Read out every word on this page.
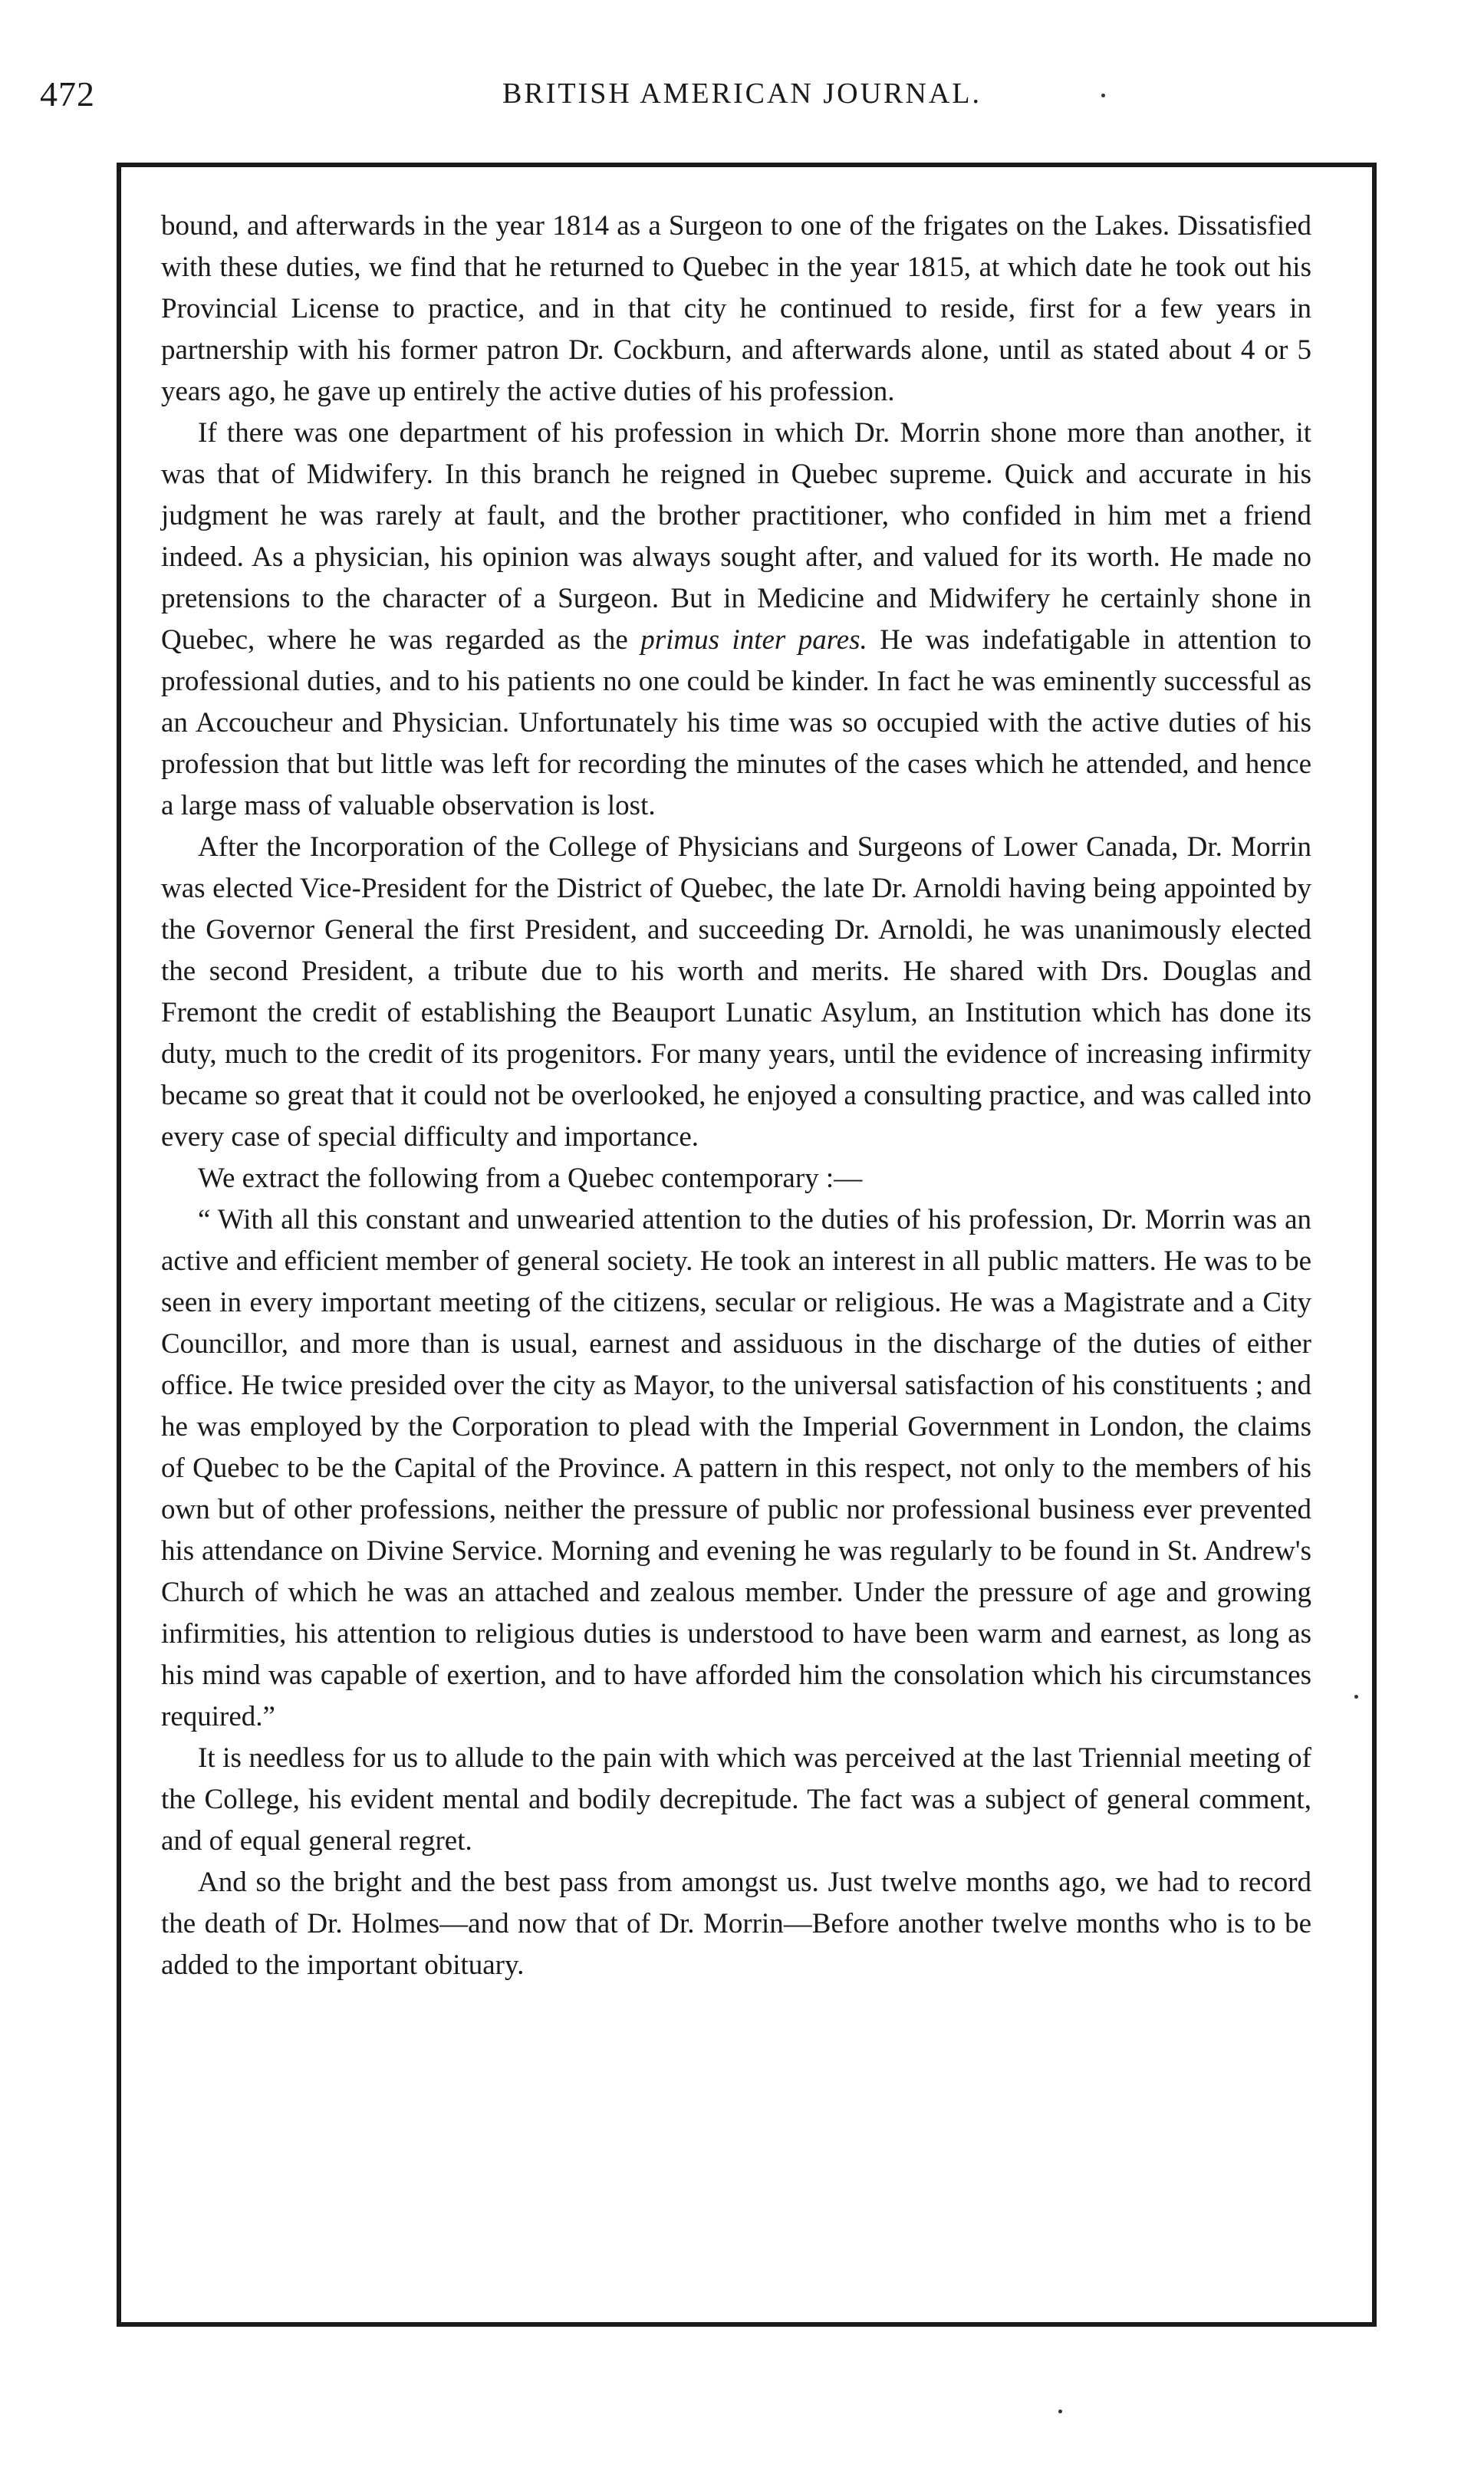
472	BRITISH AMERICAN JOURNAL.

bound, and afterwards in the year 1814 as a Surgeon to one of the frigates on the Lakes. Dissatisfied with these duties, we find that he returned to Quebec in the year 1815, at which date he took out his Provincial License to practice, and in that city he continued to reside, first for a few years in partnership with his former patron Dr. Cockburn, and afterwards alone, until as stated about 4 or 5 years ago, he gave up entirely the active duties of his profession.

If there was one department of his profession in which Dr. Morrin shone more than another, it was that of Midwifery. In this branch he reigned in Quebec supreme. Quick and accurate in his judgment he was rarely at fault, and the brother practitioner, who confided in him met a friend indeed. As a physician, his opinion was always sought after, and valued for its worth. He made no pretensions to the character of a Surgeon. But in Medicine and Midwifery he certainly shone in Quebec, where he was regarded as the primus inter pares. He was indefatigable in attention to professional duties, and to his patients no one could be kinder. In fact he was eminently successful as an Accoucheur and Physician. Unfortunately his time was so occupied with the active duties of his profession that but little was left for recording the minutes of the cases which he attended, and hence a large mass of valuable observation is lost.

After the Incorporation of the College of Physicians and Surgeons of Lower Canada, Dr. Morrin was elected Vice-President for the District of Quebec, the late Dr. Arnoldi having being appointed by the Governor General the first President, and succeeding Dr. Arnoldi, he was unanimously elected the second President, a tribute due to his worth and merits. He shared with Drs. Douglas and Fremont the credit of establishing the Beauport Lunatic Asylum, an Institution which has done its duty, much to the credit of its progenitors. For many years, until the evidence of increasing infirmity became so great that it could not be overlooked, he enjoyed a consulting practice, and was called into every case of special difficulty and importance.

We extract the following from a Quebec contemporary :—

“ With all this constant and unwearied attention to the duties of his profession, Dr. Morrin was an active and efficient member of general society. He took an interest in all public matters. He was to be seen in every important meeting of the citizens, secular or religious. He was a Magistrate and a City Councillor, and more than is usual, earnest and assiduous in the discharge of the duties of either office. He twice presided over the city as Mayor, to the universal satisfaction of his constituents ; and he was employed by the Corporation to plead with the Imperial Government in London, the claims of Quebec to be the Capital of the Province. A pattern in this respect, not only to the members of his own but of other professions, neither the pressure of public nor professional business ever prevented his attendance on Divine Service. Morning and evening he was regularly to be found in St. Andrew's Church of which he was an attached and zealous member. Under the pressure of age and growing infirmities, his attention to religious duties is understood to have been warm and earnest, as long as his mind was capable of exertion, and to have afforded him the consolation which his circumstances required.”

It is needless for us to allude to the pain with which was perceived at the last Triennial meeting of the College, his evident mental and bodily decrepitude. The fact was a subject of general comment, and of equal general regret.

And so the bright and the best pass from amongst us. Just twelve months ago, we had to record the death of Dr. Holmes—and now that of Dr. Morrin—Before another twelve months who is to be added to the important obituary.
